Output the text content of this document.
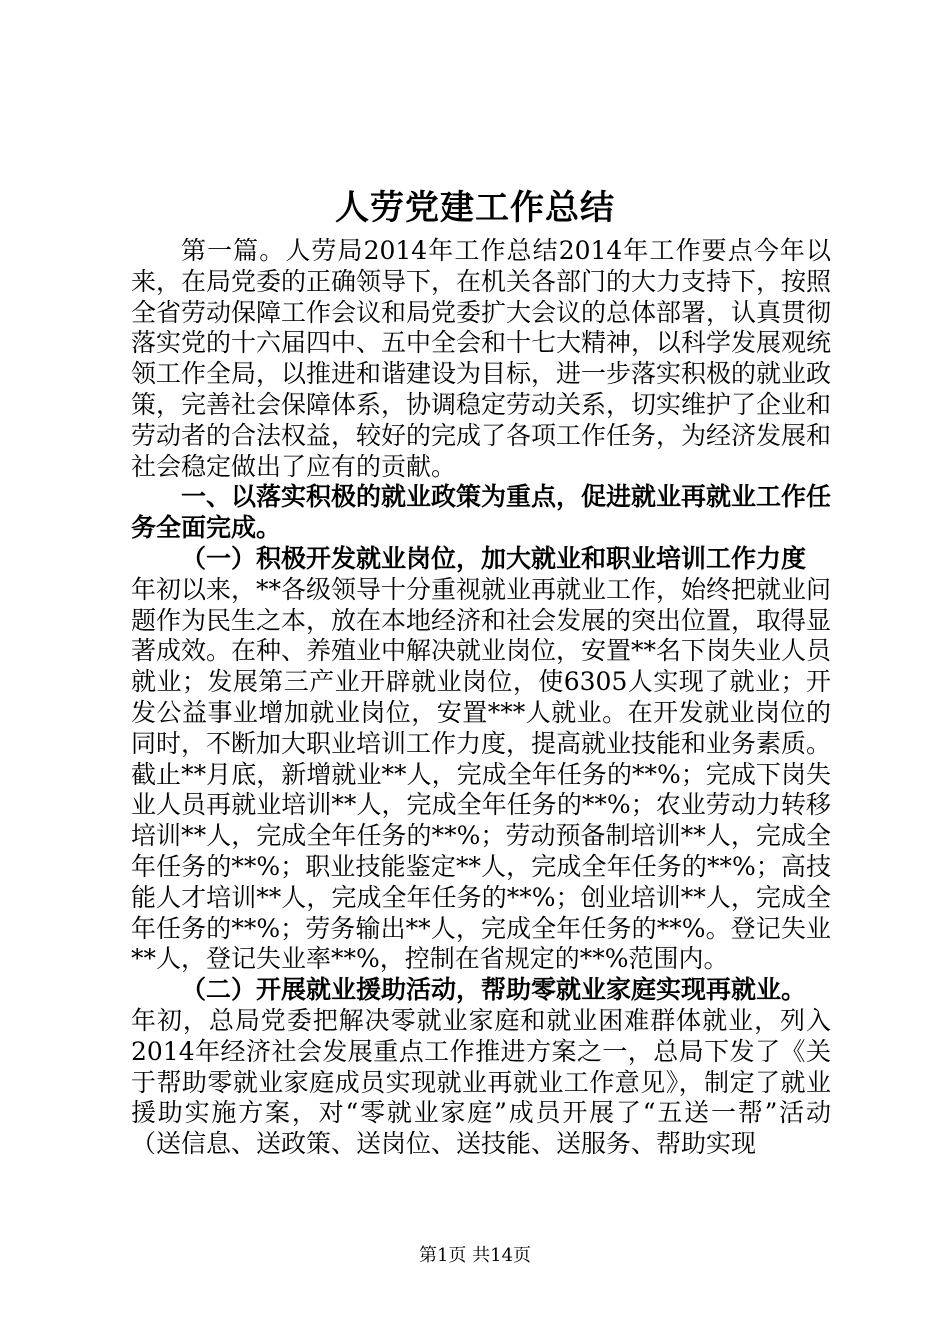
人劳党建工作总结

第一篇。人劳局2014年工作总结2014年工作要点今年以来，在局党委的正确领导下，在机关各部门的大力支持下，按照全省劳动保障工作会议和局党委扩大会议的总体部署，认真贯彻落实党的十六届四中、五中全会和十七大精神，以科学发展观统领工作全局，以推进和谐建设为目标，进一步落实积极的就业政策，完善社会保障体系，协调稳定劳动关系，切实维护了企业和劳动者的合法权益，较好的完成了各项工作任务，为经济发展和社会稳定做出了应有的贡献。

一、以落实积极的就业政策为重点，促进就业再就业工作任务全面完成。

（一）积极开发就业岗位，加大就业和职业培训工作力度

年初以来，**各级领导十分重视就业再就业工作，始终把就业问题作为民生之本，放在本地经济和社会发展的突出位置，取得显著成效。在种、养殖业中解决就业岗位，安置**名下岗失业人员就业；发展第三产业开辟就业岗位，使6305人实现了就业；开发公益事业增加就业岗位，安置***人就业。在开发就业岗位的同时，不断加大职业培训工作力度，提高就业技能和业务素质。截止**月底，新增就业**人，完成全年任务的**%；完成下岗失业人员再就业培训**人，完成全年任务的**%；农业劳动力转移培训**人，完成全年任务的**%；劳动预备制培训**人，完成全年任务的**%；职业技能鉴定**人，完成全年任务的**%；高技能人才培训**人，完成全年任务的**%；创业培训**人，完成全年任务的**%；劳务输出**人，完成全年任务的**%。登记失业**人，登记失业率**%，控制在省规定的**%范围内。

（二）开展就业援助活动，帮助零就业家庭实现再就业。

年初，总局党委把解决零就业家庭和就业困难群体就业，列入2014年经济社会发展重点工作推进方案之一，总局下发了《关于帮助零就业家庭成员实现就业再就业工作意见》，制定了就业援助实施方案，对“零就业家庭”成员开展了“五送一帮”活动（送信息、送政策、送岗位、送技能、送服务、帮助实现

第1页 共14页
